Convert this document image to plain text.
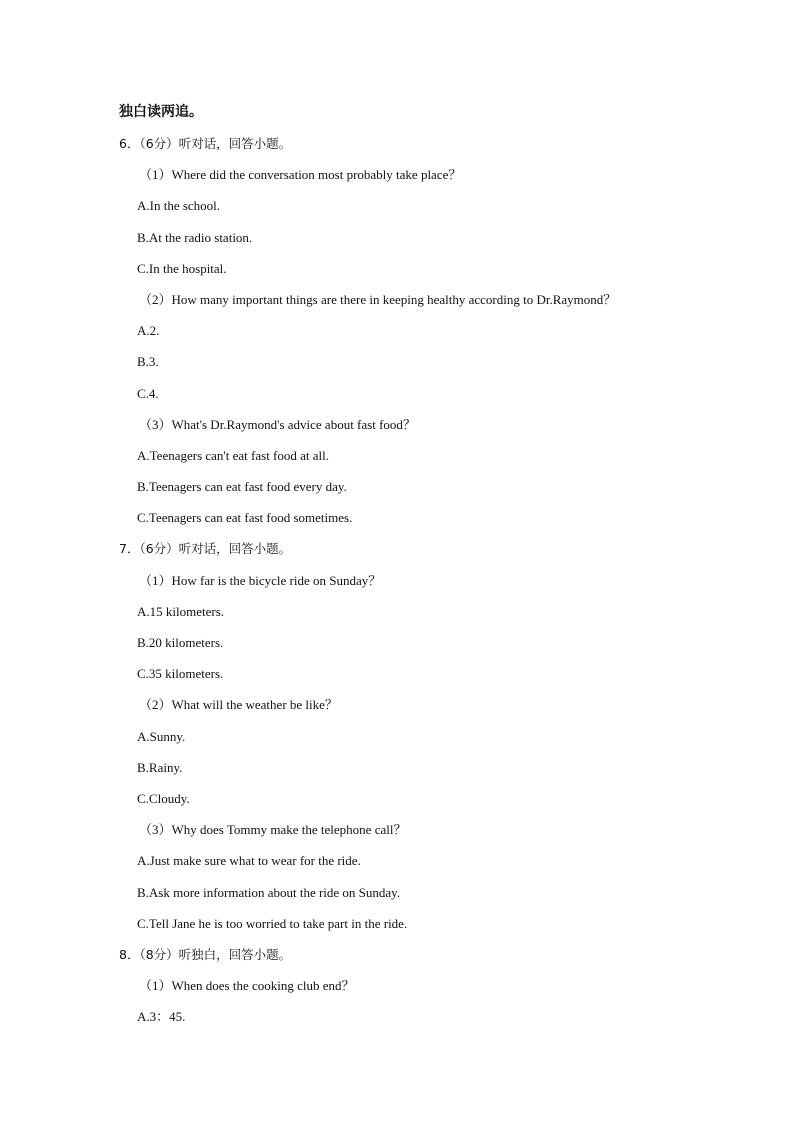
独白读两追。
6．（6分）听对话，回答小题。
（1）Where did the conversation most probably take place？
A.In the school.
B.At the radio station.
C.In the hospital.
（2）How many important things are there in keeping healthy according to Dr.Raymond？
A.2.
B.3.
C.4.
（3）What's Dr.Raymond's advice about fast food？
A.Teenagers can't eat fast food at all.
B.Teenagers can eat fast food every day.
C.Teenagers can eat fast food sometimes.
7．（6分）听对话，回答小题。
（1）How far is the bicycle ride on Sunday？
A.15 kilometers.
B.20 kilometers.
C.35 kilometers.
（2）What will the weather be like？
A.Sunny.
B.Rainy.
C.Cloudy.
（3）Why does Tommy make the telephone call？
A.Just make sure what to wear for the ride.
B.Ask more information about the ride on Sunday.
C.Tell Jane he is too worried to take part in the ride.
8．（8分）听独白，回答小题。
（1）When does the cooking club end？
A.3：45.
